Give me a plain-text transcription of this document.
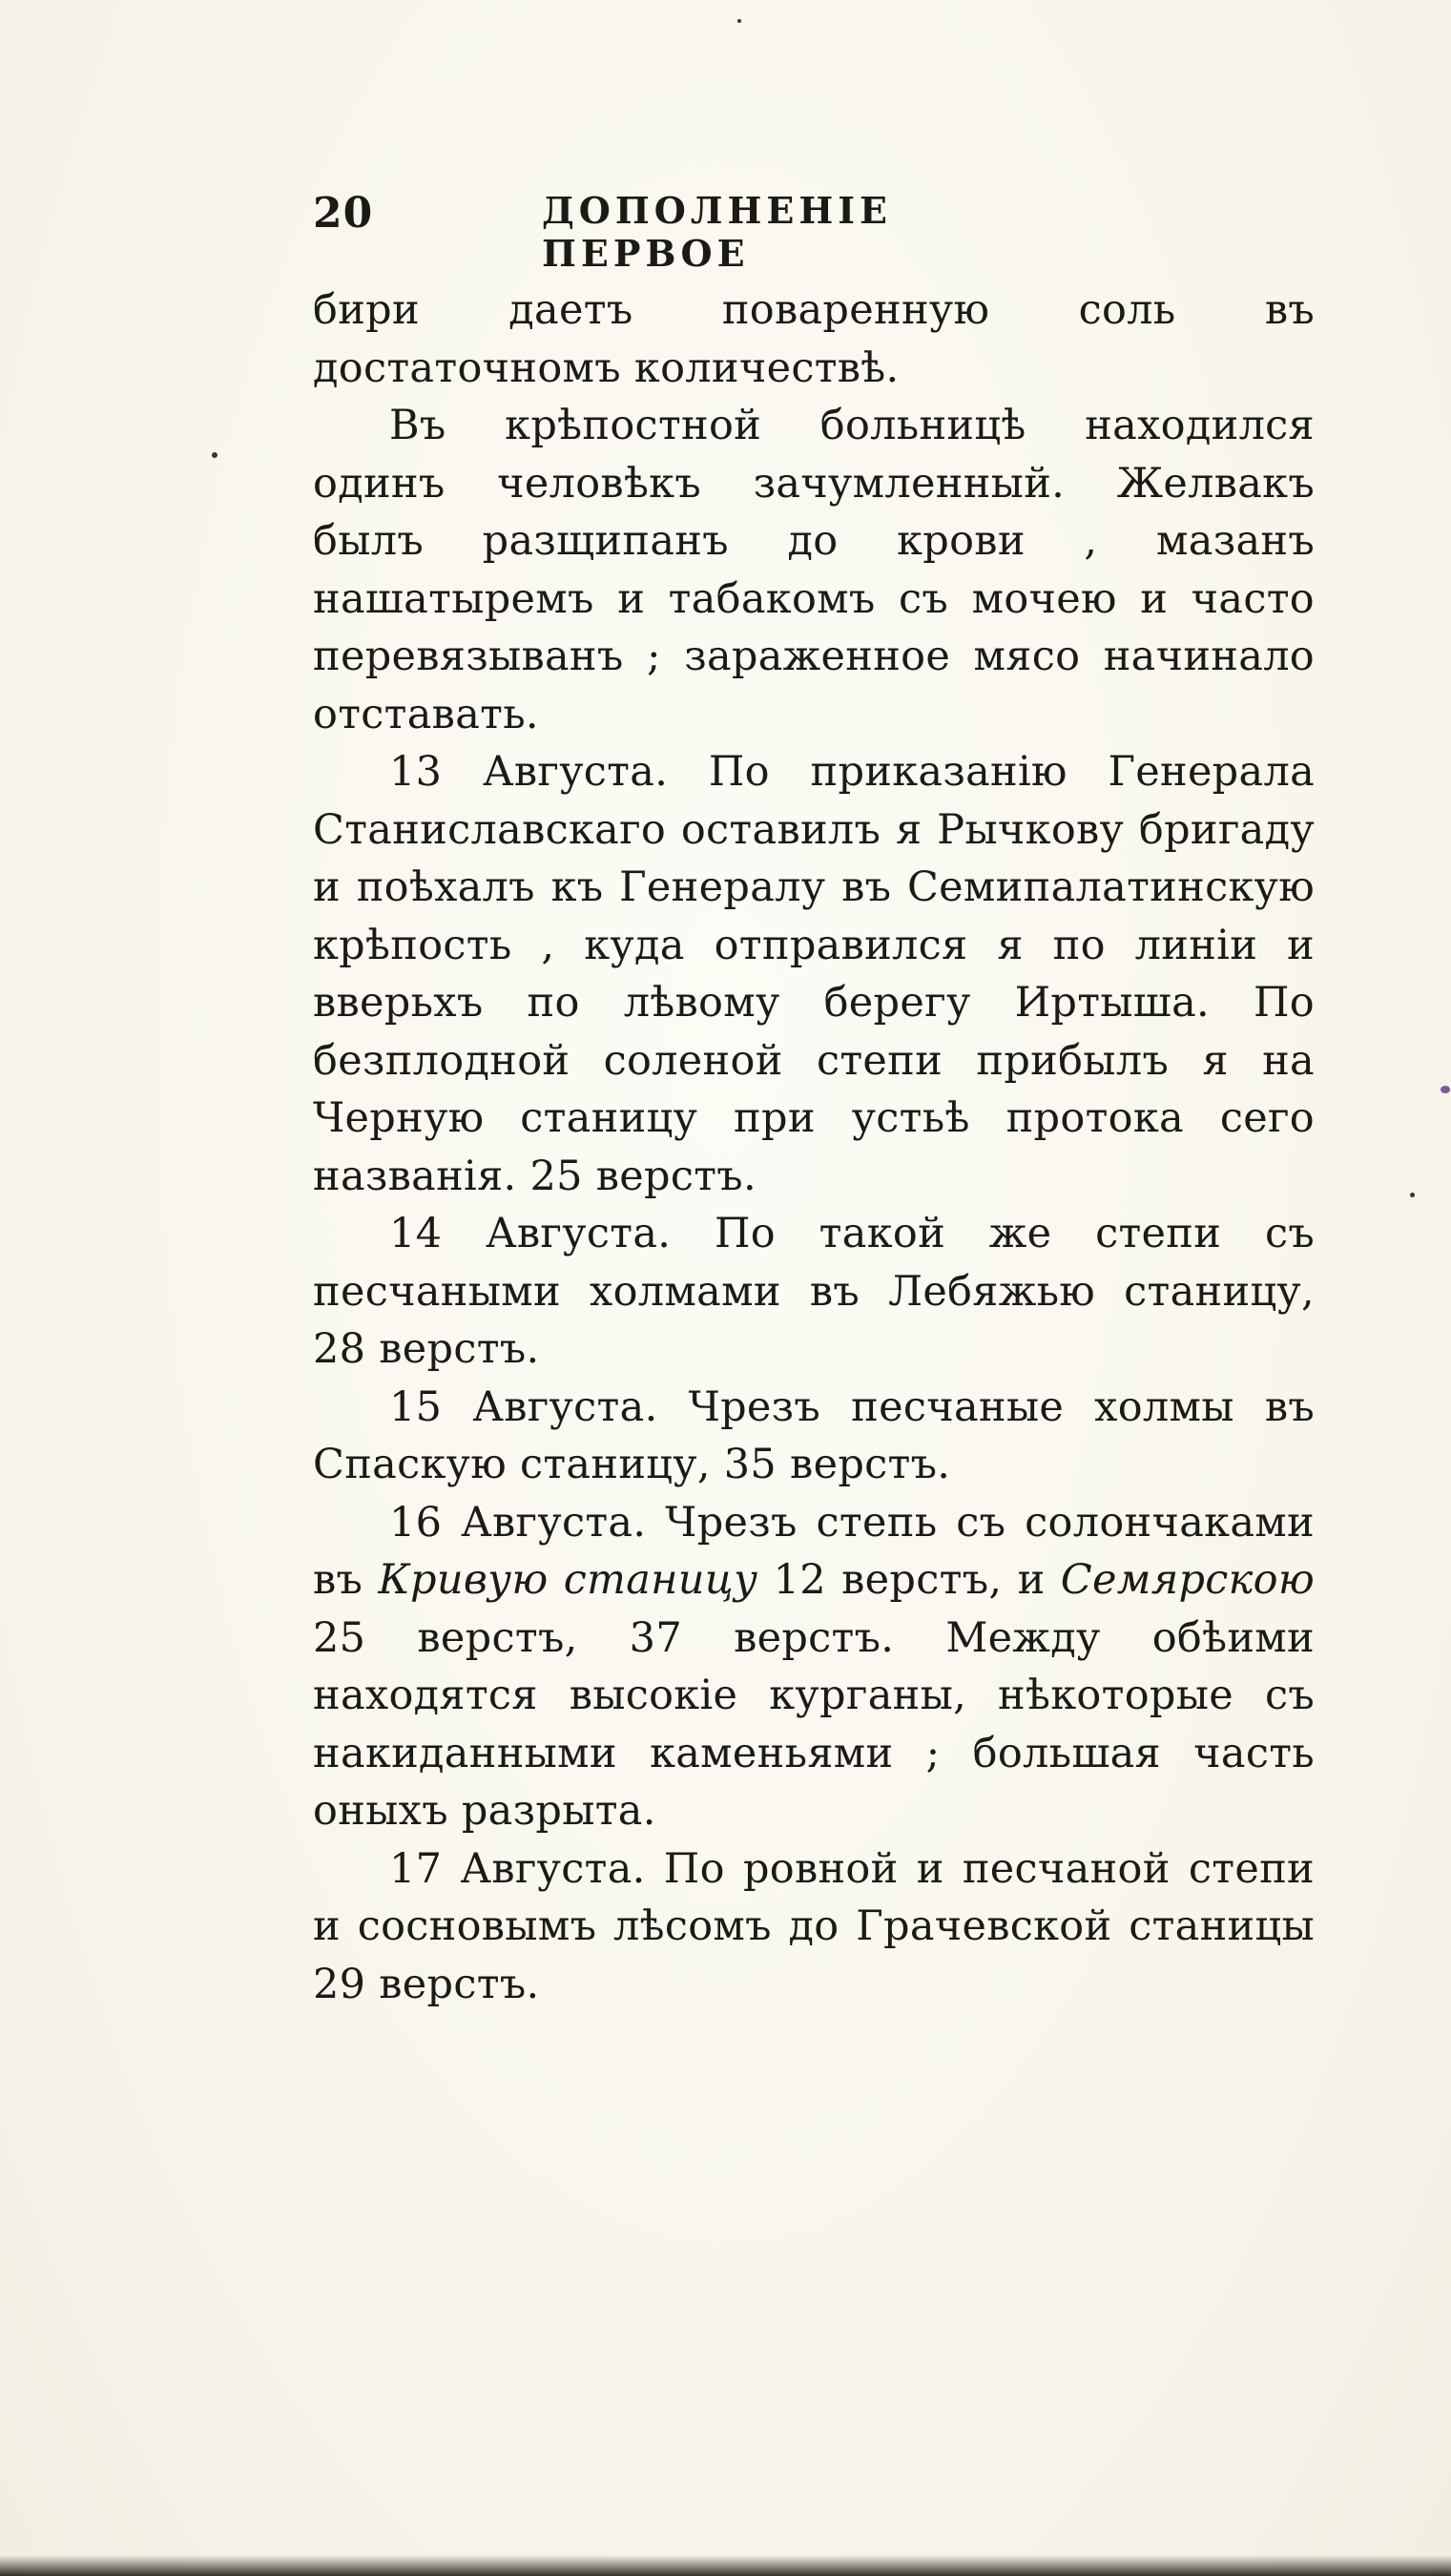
20	ДОПОЛНЕНІЕ ПЕРВОЕ

бири даетъ поваренную соль въ достаточномъ количествѣ.

Въ крѣпостной больницѣ находился одинъ человѣкъ зачумленный. Желвакъ былъ разщипанъ до крови , мазанъ нашатыремъ и табакомъ съ мочею и часто перевязыванъ ; зараженное мясо начинало отставать.

13 Августа. По приказанію Генерала Станиславскаго оставилъ я Рычкову бригаду и поѣхалъ къ Генералу въ Семипалатинскую крѣпость , куда отправился я по линіи и вверьхъ по лѣвому берегу Иртыша. По безплодной соленой степи прибылъ я на Черную станицу при устьѣ протока сего названія. 25 верстъ.

14 Августа. По такой же степи съ песчаными холмами въ Лебяжью станицу, 28 верстъ.

15 Августа. Чрезъ песчаные холмы въ Спаскую станицу, 35 верстъ.

16 Августа. Чрезъ степь съ солончаками въ Кривую станицу 12 верстъ, и Семярскою 25 верстъ, 37 верстъ. Между обѣими находятся высокіе курганы, нѣкоторые съ накиданными каменьями ; большая часть оныхъ разрыта.

17 Августа. По ровной и песчаной степи и сосновымъ лѣсомъ до Грачевской станицы 29 верстъ.
